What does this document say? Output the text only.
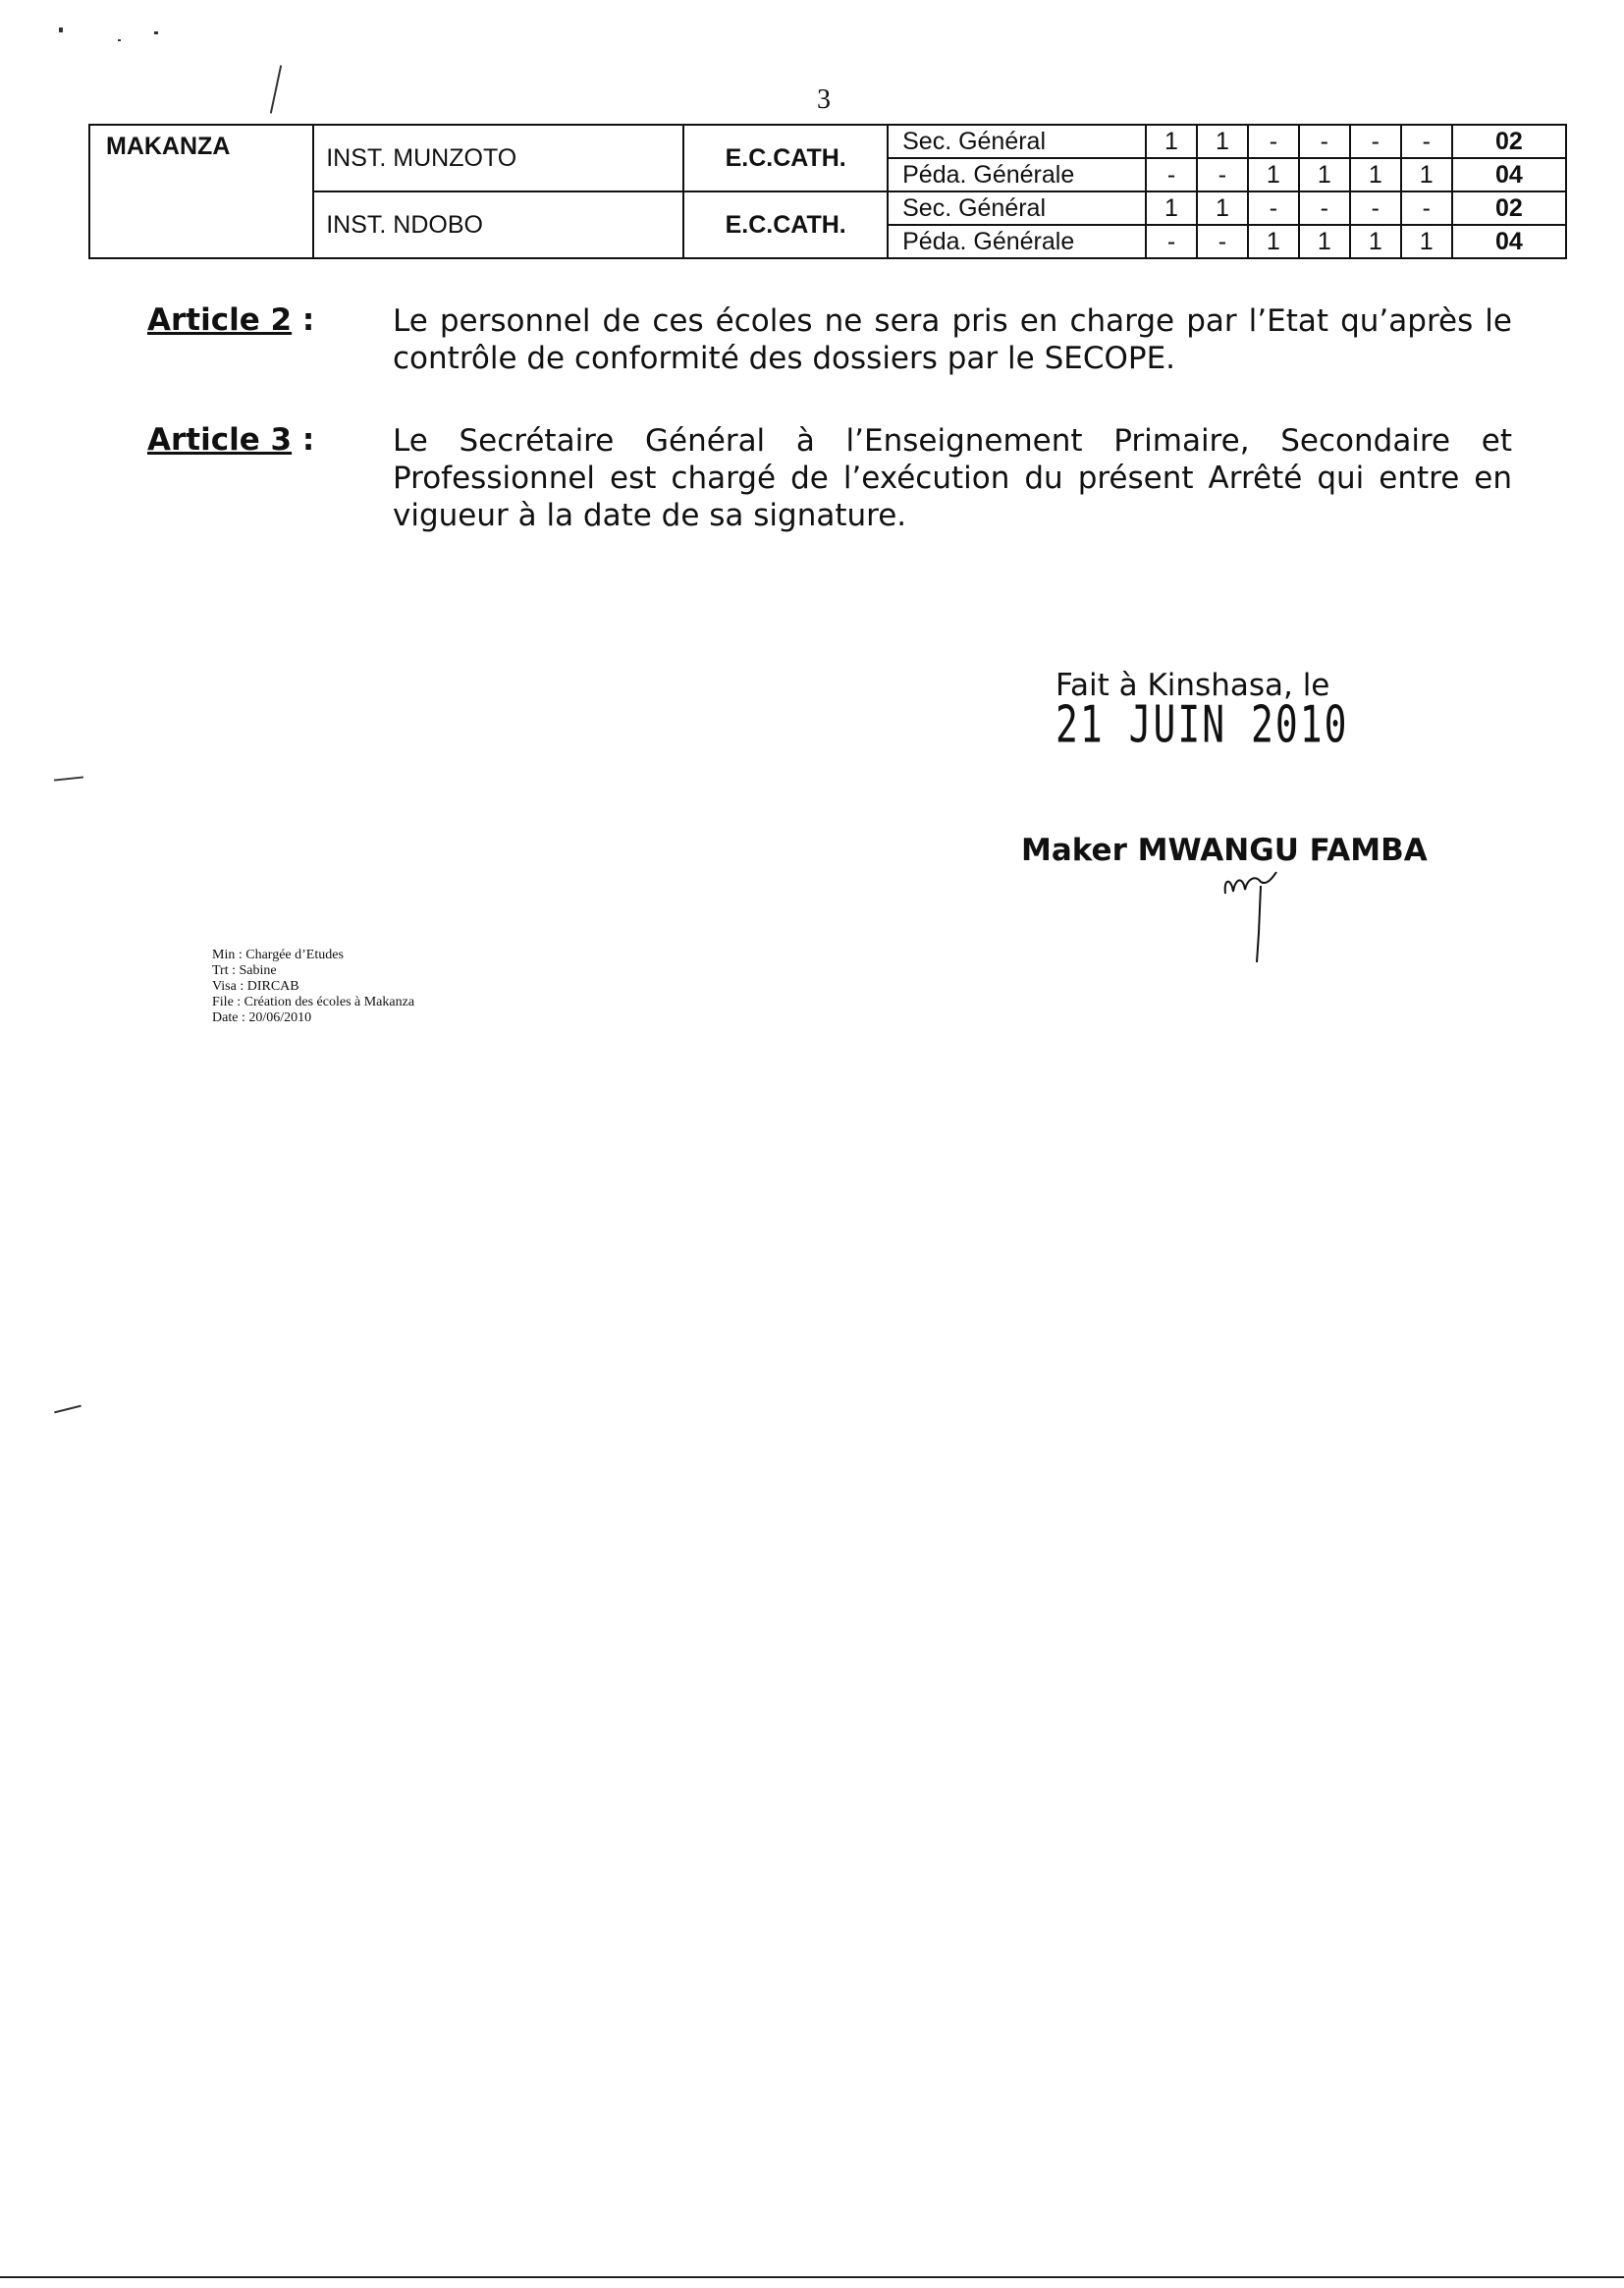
3
MAKANZA	INST. MUNZOTO	E.C.CATH.	Sec. Général	1	1	-	-	-	-	02
			Péda. Générale	-	-	1	1	1	1	04
	INST. NDOBO	E.C.CATH.	Sec. Général	1	1	-	-	-	-	02
			Péda. Générale	-	-	1	1	1	1	04
Article 2 :	Le personnel de ces écoles ne sera pris en charge par l’Etat qu’après le contrôle de conformité des dossiers par le SECOPE.
Article 3 :	Le Secrétaire Général à l’Enseignement Primaire, Secondaire et Professionnel est chargé de l’exécution du présent Arrêté qui entre en vigueur à la date de sa signature.
Fait à Kinshasa, le 21 JUIN 2010
Maker MWANGU FAMBA
Min : Chargée d’Etudes
Trt : Sabine
Visa : DIRCAB
File : Création des écoles à Makanza
Date : 20/06/2010
